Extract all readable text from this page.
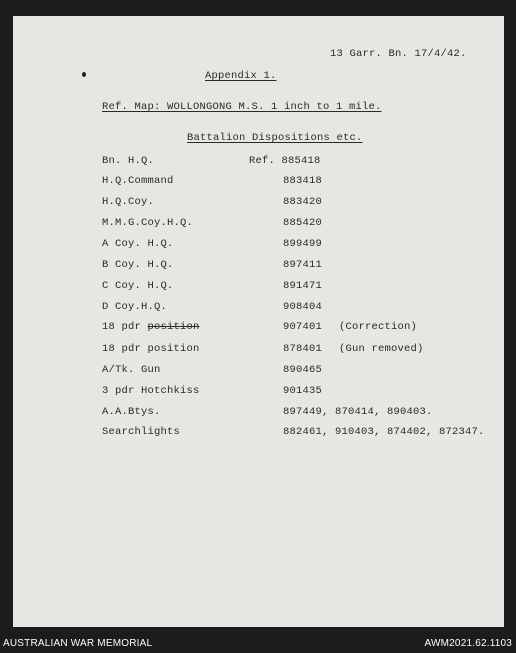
13 Garr. Bn. 17/4/42.
Appendix 1.
Ref. Map: WOLLONGONG M.S. 1 inch to 1 mile.
Battalion Dispositions etc.
Bn. H.Q.	Ref. 885418
H.Q.Command	883418
H.Q.Coy.	883420
M.M.G.Coy.H.Q.	885420
A Coy. H.Q.	899499
B Coy. H.Q.	897411
C Coy. H.Q.	891471
D Coy.H.Q.	908404
18 pdr position	907401 (Correction)
18 pdr position	878401 (Gun removed)
A/Tk. Gun	890465
3 pdr Hotchkiss	901435
A.A.Btys.	897449, 870414, 890403.
Searchlights	882461, 910403, 874402, 872347.
AUSTRALIAN WAR MEMORIAL	AWM2021.62.1103
